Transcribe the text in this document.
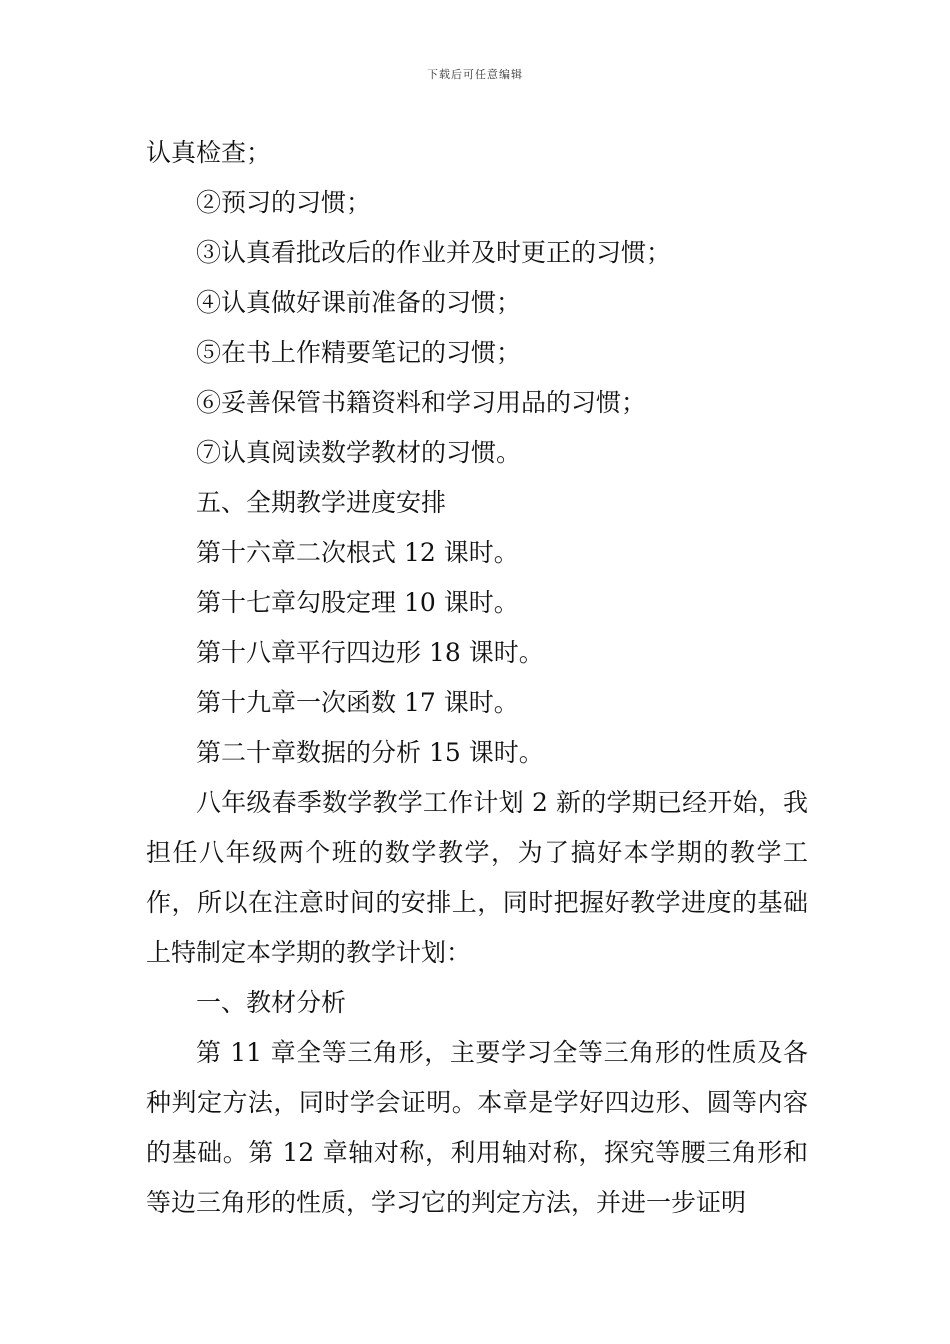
下载后可任意编辑
认真检查；
②预习的习惯；
③认真看批改后的作业并及时更正的习惯；
④认真做好课前准备的习惯；
⑤在书上作精要笔记的习惯；
⑥妥善保管书籍资料和学习用品的习惯；
⑦认真阅读数学教材的习惯。
五、全期教学进度安排
第十六章二次根式 12 课时。
第十七章勾股定理 10 课时。
第十八章平行四边形 18 课时。
第十九章一次函数 17 课时。
第二十章数据的分析 15 课时。

八年级春季数学教学工作计划 2 新的学期已经开始，我担任八年级两个班的数学教学，为了搞好本学期的教学工作，所以在注意时间的安排上，同时把握好教学进度的基础上特制定本学期的教学计划：

一、教材分析

第 11 章全等三角形，主要学习全等三角形的性质及各种判定方法，同时学会证明。本章是学好四边形、圆等内容的基础。第 12 章轴对称，利用轴对称，探究等腰三角形和等边三角形的性质，学习它的判定方法，并进一步证明
